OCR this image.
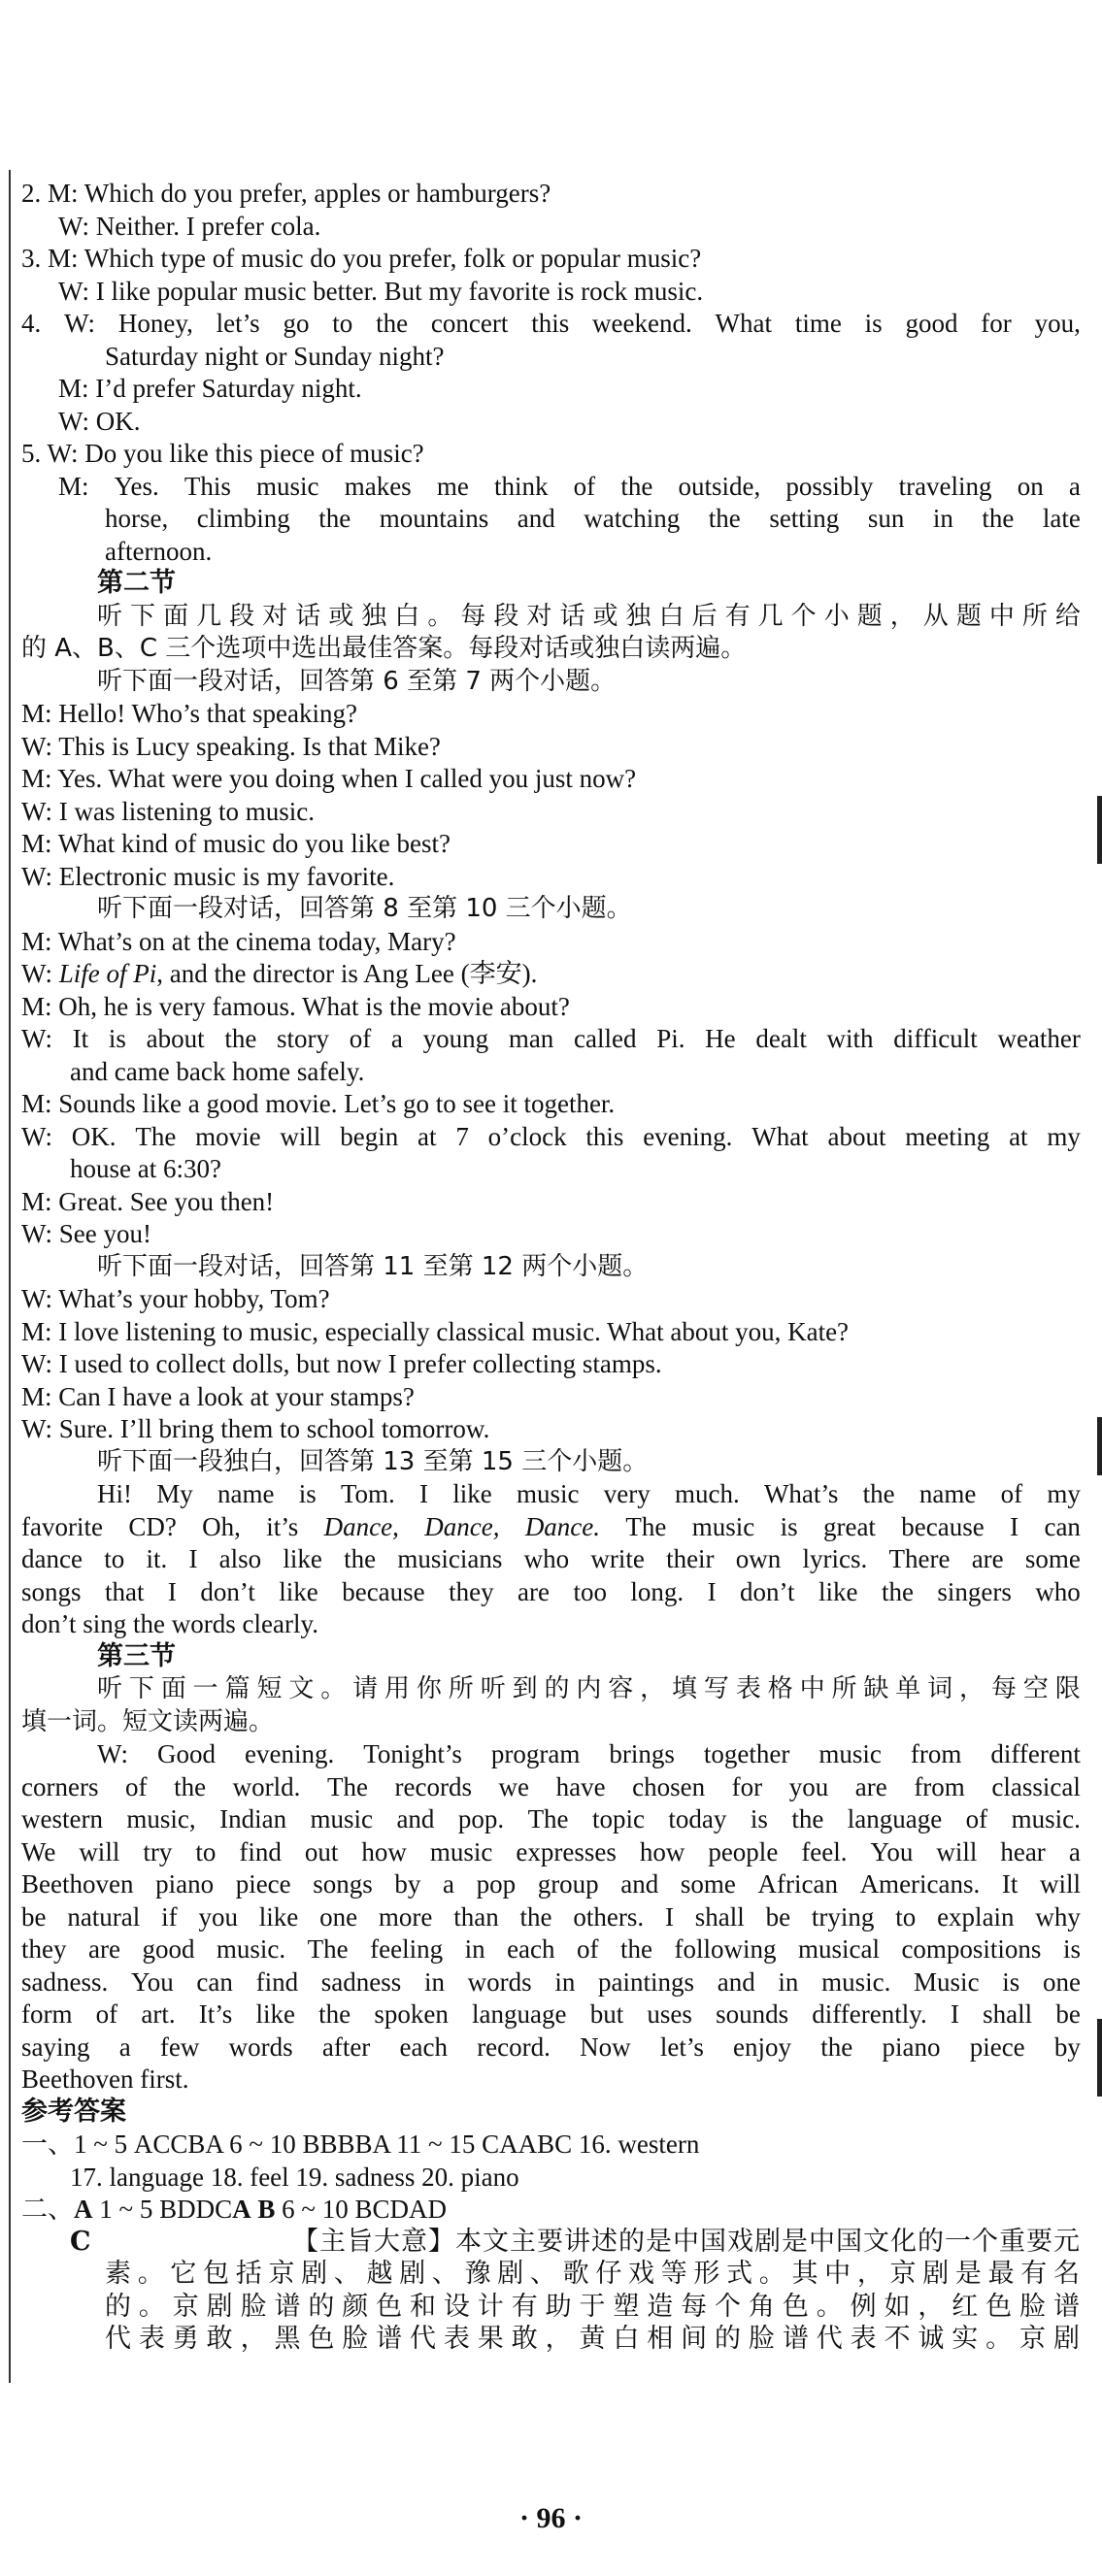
2. M: Which do you prefer, apples or hamburgers?
W: Neither. I prefer cola.
3. M: Which type of music do you prefer, folk or popular music?
W: I like popular music better. But my favorite is rock music.
4. W: Honey, let’s go to the concert this weekend. What time is good for you,
Saturday night or Sunday night?
M: I’d prefer Saturday night.
W: OK.
5. W: Do you like this piece of music?
M: Yes. This music makes me think of the outside, possibly traveling on a
horse, climbing the mountains and watching the setting sun in the late
afternoon.
第二节
听 下 面 几 段 对 话 或 独 白 。 每 段 对 话 或 独 白 后 有 几 个 小 题 ， 从 题 中 所 给
的 A、B、C 三个选项中选出最佳答案。每段对话或独白读两遍。
听下面一段对话，回答第 6 至第 7 两个小题。
M: Hello! Who’s that speaking?
W: This is Lucy speaking. Is that Mike?
M: Yes. What were you doing when I called you just now?
W: I was listening to music.
M: What kind of music do you like best?
W: Electronic music is my favorite.
听下面一段对话，回答第 8 至第 10 三个小题。
M: What’s on at the cinema today, Mary?
W: Life of Pi, and the director is Ang Lee (李安).
M: Oh, he is very famous. What is the movie about?
W: It is about the story of a young man called Pi. He dealt with difficult weather
and came back home safely.
M: Sounds like a good movie. Let’s go to see it together.
W: OK. The movie will begin at 7 o’clock this evening. What about meeting at my
house at 6:30?
M: Great. See you then!
W: See you!
听下面一段对话，回答第 11 至第 12 两个小题。
W: What’s your hobby, Tom?
M: I love listening to music, especially classical music. What about you, Kate?
W: I used to collect dolls, but now I prefer collecting stamps.
M: Can I have a look at your stamps?
W: Sure. I’ll bring them to school tomorrow.
听下面一段独白，回答第 13 至第 15 三个小题。
Hi! My name is Tom. I like music very much. What’s the name of my
favorite CD? Oh, it’s Dance, Dance, Dance. The music is great because I can
dance to it. I also like the musicians who write their own lyrics. There are some
songs that I don’t like because they are too long. I don’t like the singers who
don’t sing the words clearly.
第三节
听 下 面 一 篇 短 文 。 请 用 你 所 听 到 的 内 容 ， 填 写 表 格 中 所 缺 单 词 ， 每 空 限
填一词。短文读两遍。
W: Good evening. Tonight’s program brings together music from different
corners of the world. The records we have chosen for you are from classical
western music, Indian music and pop. The topic today is the language of music.
We will try to find out how music expresses how people feel. You will hear a
Beethoven piano piece songs by a pop group and some African Americans. It will
be natural if you like one more than the others. I shall be trying to explain why
they are good music. The feeling in each of the following musical compositions is
sadness. You can find sadness in words in paintings and in music. Music is one
form of art. It’s like the spoken language but uses sounds differently. I shall be
saying a few words after each record. Now let’s enjoy the piano piece by
Beethoven first.
参考答案
一、1 ~ 5 ACCBA 6 ~ 10 BBBBA 11 ~ 15 CAABC 16. western
17. language 18. feel 19. sadness 20. piano
二、A 1 ~ 5 BDDCA B 6 ~ 10 BCDAD
C	【主旨大意】本文主要讲述的是中国戏剧是中国文化的一个重要元
素 。 它 包 括 京 剧 、 越 剧 、 豫 剧 、 歌 仔 戏 等 形 式 。 其 中 ， 京 剧 是 最 有 名
的 。 京 剧 脸 谱 的 颜 色 和 设 计 有 助 于 塑 造 每 个 角 色 。 例 如 ， 红 色 脸 谱
代 表 勇 敢 ， 黑 色 脸 谱 代 表 果 敢 ， 黄 白 相 间 的 脸 谱 代 表 不 诚 实 。 京 剧
· 96 ·
